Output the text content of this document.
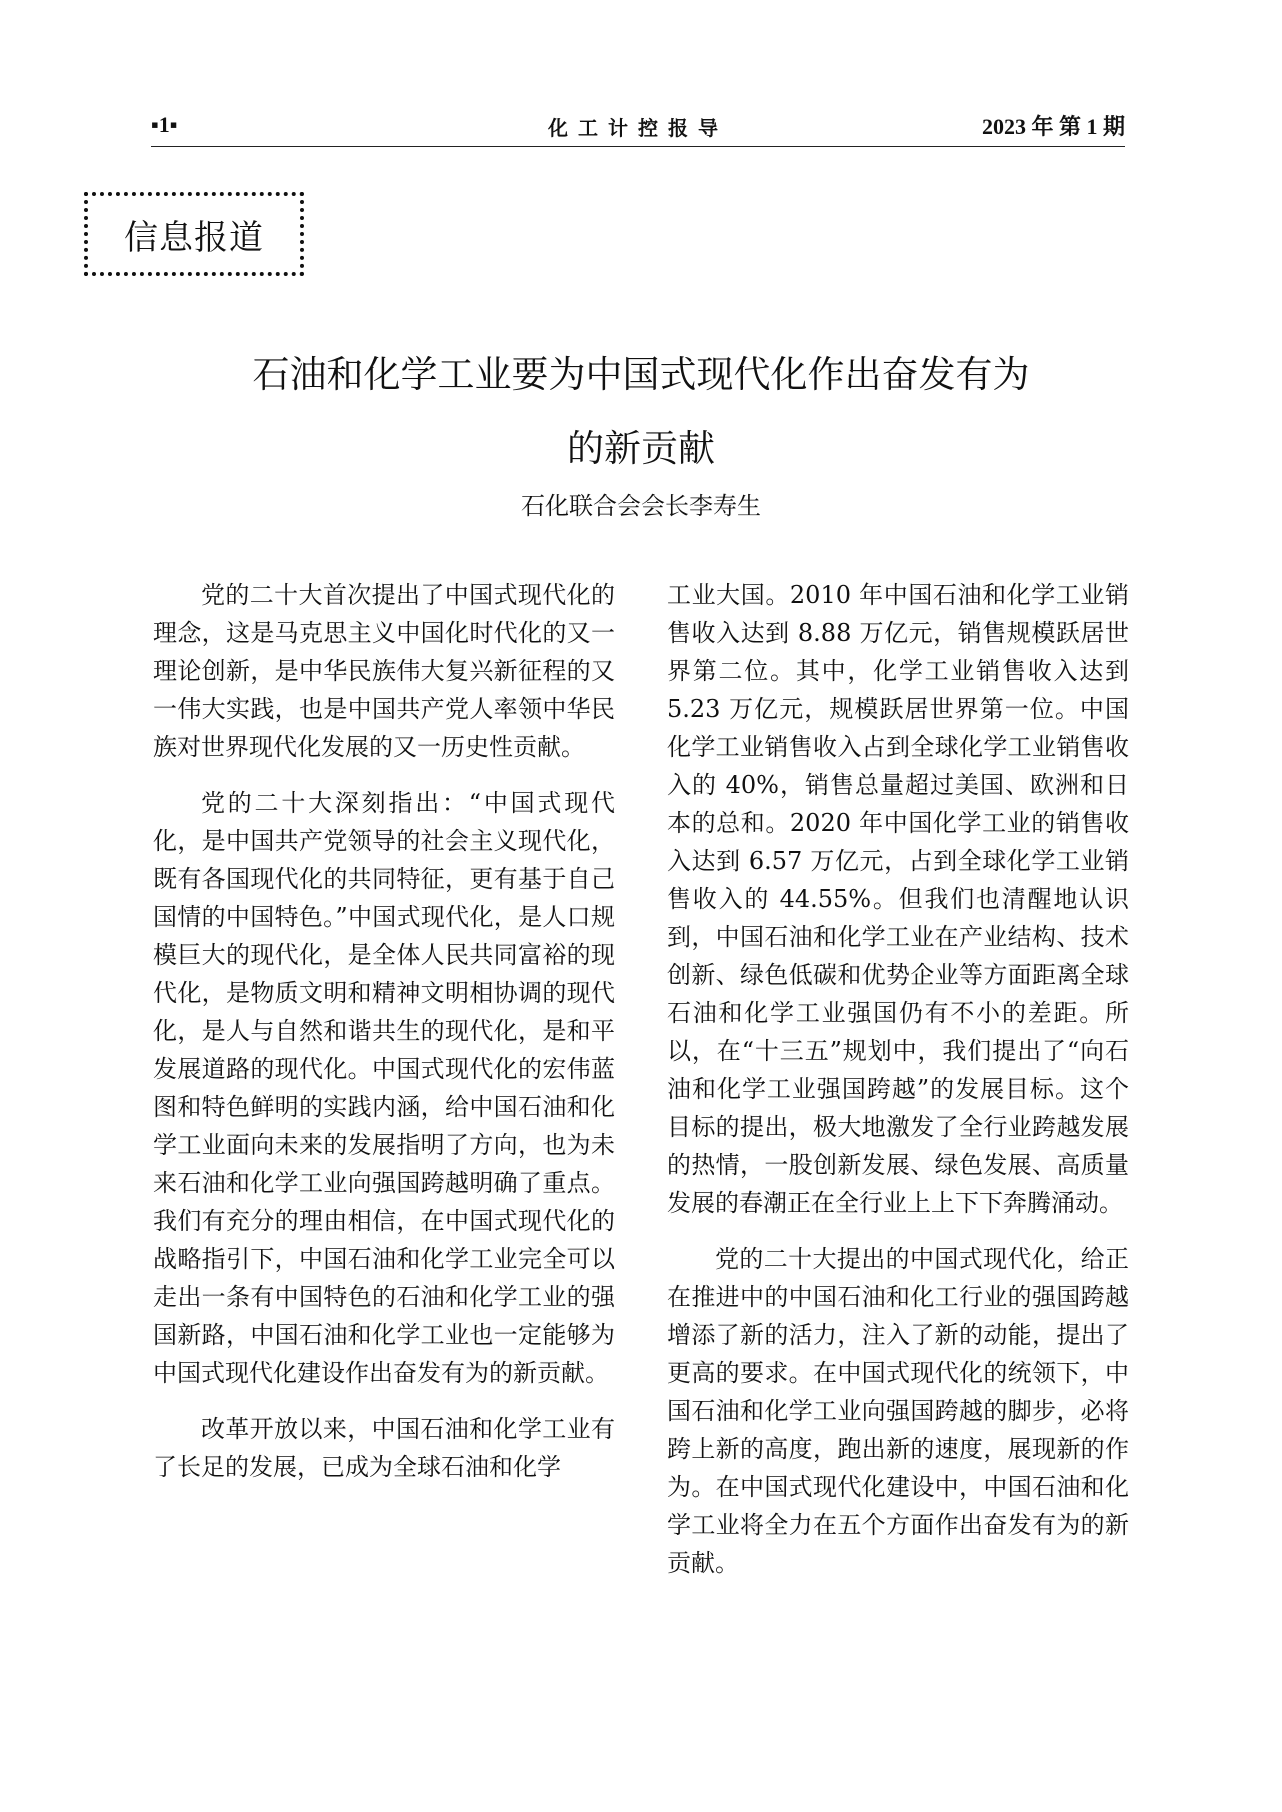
▪1▪	化工计控报导	2023 年 第 1 期
信息报道
石油和化学工业要为中国式现代化作出奋发有为
的新贡献
石化联合会会长李寿生

党的二十大首次提出了中国式现代化的理念，这是马克思主义中国化时代化的又一理论创新，是中华民族伟大复兴新征程的又一伟大实践，也是中国共产党人率领中华民族对世界现代化发展的又一历史性贡献。

党的二十大深刻指出：“中国式现代化，是中国共产党领导的社会主义现代化，既有各国现代化的共同特征，更有基于自己国情的中国特色。”中国式现代化，是人口规模巨大的现代化，是全体人民共同富裕的现代化，是物质文明和精神文明相协调的现代化，是人与自然和谐共生的现代化，是和平发展道路的现代化。中国式现代化的宏伟蓝图和特色鲜明的实践内涵，给中国石油和化学工业面向未来的发展指明了方向，也为未来石油和化学工业向强国跨越明确了重点。我们有充分的理由相信，在中国式现代化的战略指引下，中国石油和化学工业完全可以走出一条有中国特色的石油和化学工业的强国新路，中国石油和化学工业也一定能够为中国式现代化建设作出奋发有为的新贡献。

改革开放以来，中国石油和化学工业有了长足的发展，已成为全球石油和化学

工业大国。2010 年中国石油和化学工业销售收入达到 8.88 万亿元，销售规模跃居世界第二位。其中，化学工业销售收入达到 5.23 万亿元，规模跃居世界第一位。中国化学工业销售收入占到全球化学工业销售收入的 40%，销售总量超过美国、欧洲和日本的总和。2020 年中国化学工业的销售收入达到 6.57 万亿元，占到全球化学工业销售收入的 44.55%。但我们也清醒地认识到，中国石油和化学工业在产业结构、技术创新、绿色低碳和优势企业等方面距离全球石油和化学工业强国仍有不小的差距。所以，在“十三五”规划中，我们提出了“向石油和化学工业强国跨越”的发展目标。这个目标的提出，极大地激发了全行业跨越发展的热情，一股创新发展、绿色发展、高质量发展的春潮正在全行业上上下下奔腾涌动。

党的二十大提出的中国式现代化，给正在推进中的中国石油和化工行业的强国跨越增添了新的活力，注入了新的动能，提出了更高的要求。在中国式现代化的统领下，中国石油和化学工业向强国跨越的脚步，必将跨上新的高度，跑出新的速度，展现新的作为。在中国式现代化建设中，中国石油和化学工业将全力在五个方面作出奋发有为的新贡献。
